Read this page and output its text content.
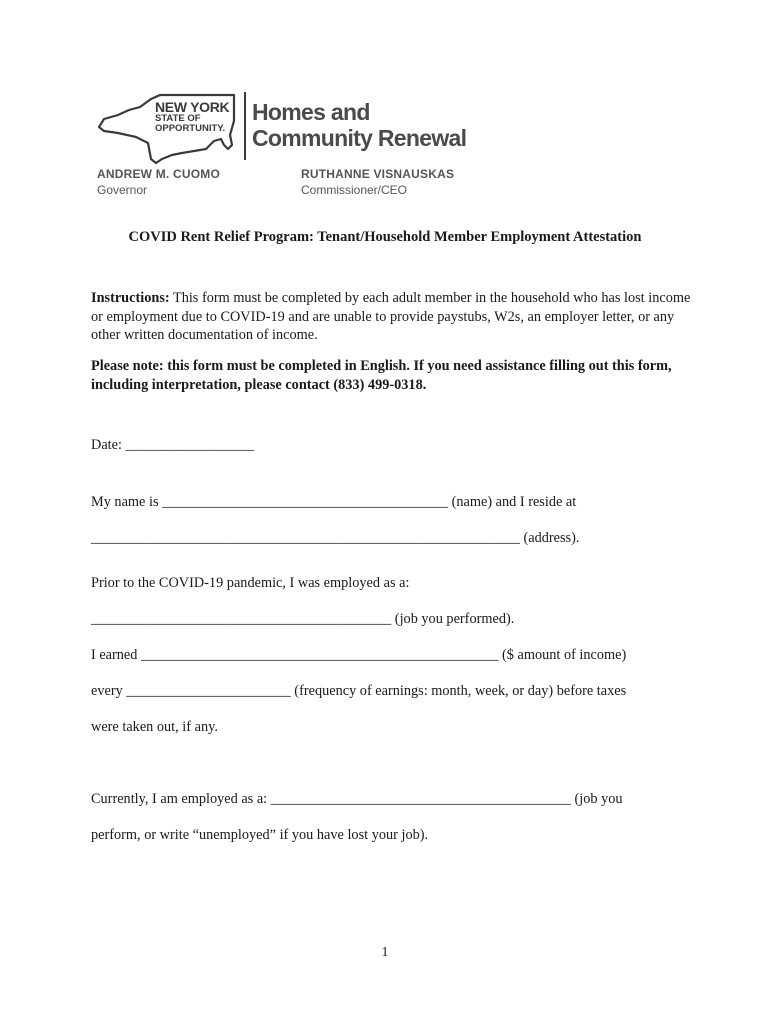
NEW YORK
STATE OF
OPPORTUNITY.
Homes and
Community Renewal
ANDREW M. CUOMO
Governor
RUTHANNE VISNAUSKAS
Commissioner/CEO
COVID Rent Relief Program: Tenant/Household Member Employment Attestation
Instructions: This form must be completed by each adult member in the household who has lost income or employment due to COVID-19 and are unable to provide paystubs, W2s, an employer letter, or any other written documentation of income.
Please note: this form must be completed in English. If you need assistance filling out this form, including interpretation, please contact (833) 499-0318.
Date: __________________
My name is ________________________________________ (name) and I reside at
____________________________________________________________ (address).
Prior to the COVID-19 pandemic, I was employed as a:
__________________________________________ (job you performed).
I earned __________________________________________________ ($ amount of income)
every _______________________ (frequency of earnings: month, week, or day) before taxes
were taken out, if any.
Currently, I am employed as a: __________________________________________ (job you
perform, or write “unemployed” if you have lost your job).
1
